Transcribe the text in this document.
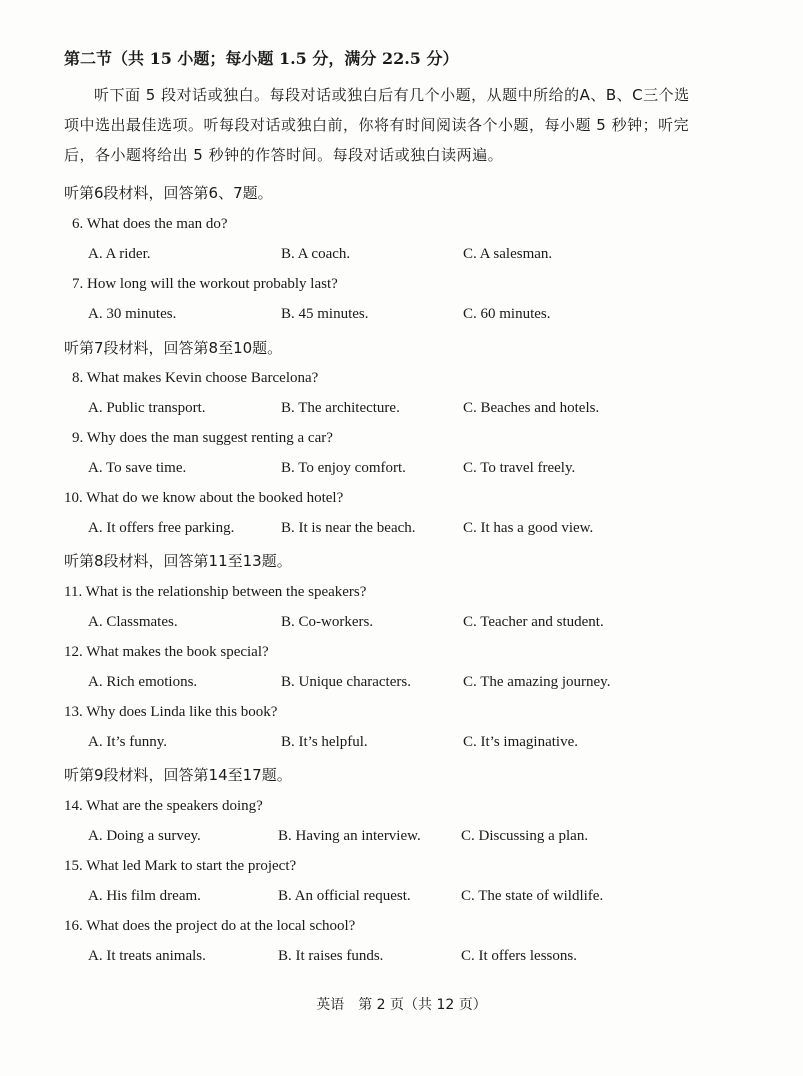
第二节（共 15 小题；每小题 1.5 分，满分 22.5 分）
听下面 5 段对话或独白。每段对话或独白后有几个小题，从题中所给的A、B、C三个选项中选出最佳选项。听每段对话或独白前，你将有时间阅读各个小题，每小题 5 秒钟；听完后，各小题将给出 5 秒钟的作答时间。每段对话或独白读两遍。
听第6段材料，回答第6、7题。
6. What does the man do?
A. A rider.	B. A coach.	C. A salesman.
7. How long will the workout probably last?
A. 30 minutes.	B. 45 minutes.	C. 60 minutes.
听第7段材料，回答第8至10题。
8. What makes Kevin choose Barcelona?
A. Public transport.	B. The architecture.	C. Beaches and hotels.
9. Why does the man suggest renting a car?
A. To save time.	B. To enjoy comfort.	C. To travel freely.
10. What do we know about the booked hotel?
A. It offers free parking.	B. It is near the beach.	C. It has a good view.
听第8段材料，回答第11至13题。
11. What is the relationship between the speakers?
A. Classmates.	B. Co-workers.	C. Teacher and student.
12. What makes the book special?
A. Rich emotions.	B. Unique characters.	C. The amazing journey.
13. Why does Linda like this book?
A. It’s funny.	B. It’s helpful.	C. It’s imaginative.
听第9段材料，回答第14至17题。
14. What are the speakers doing?
A. Doing a survey.	B. Having an interview.	C. Discussing a plan.
15. What led Mark to start the project?
A. His film dream.	B. An official request.	C. The state of wildlife.
16. What does the project do at the local school?
A. It treats animals.	B. It raises funds.	C. It offers lessons.
英语　第 2 页（共 12 页）
